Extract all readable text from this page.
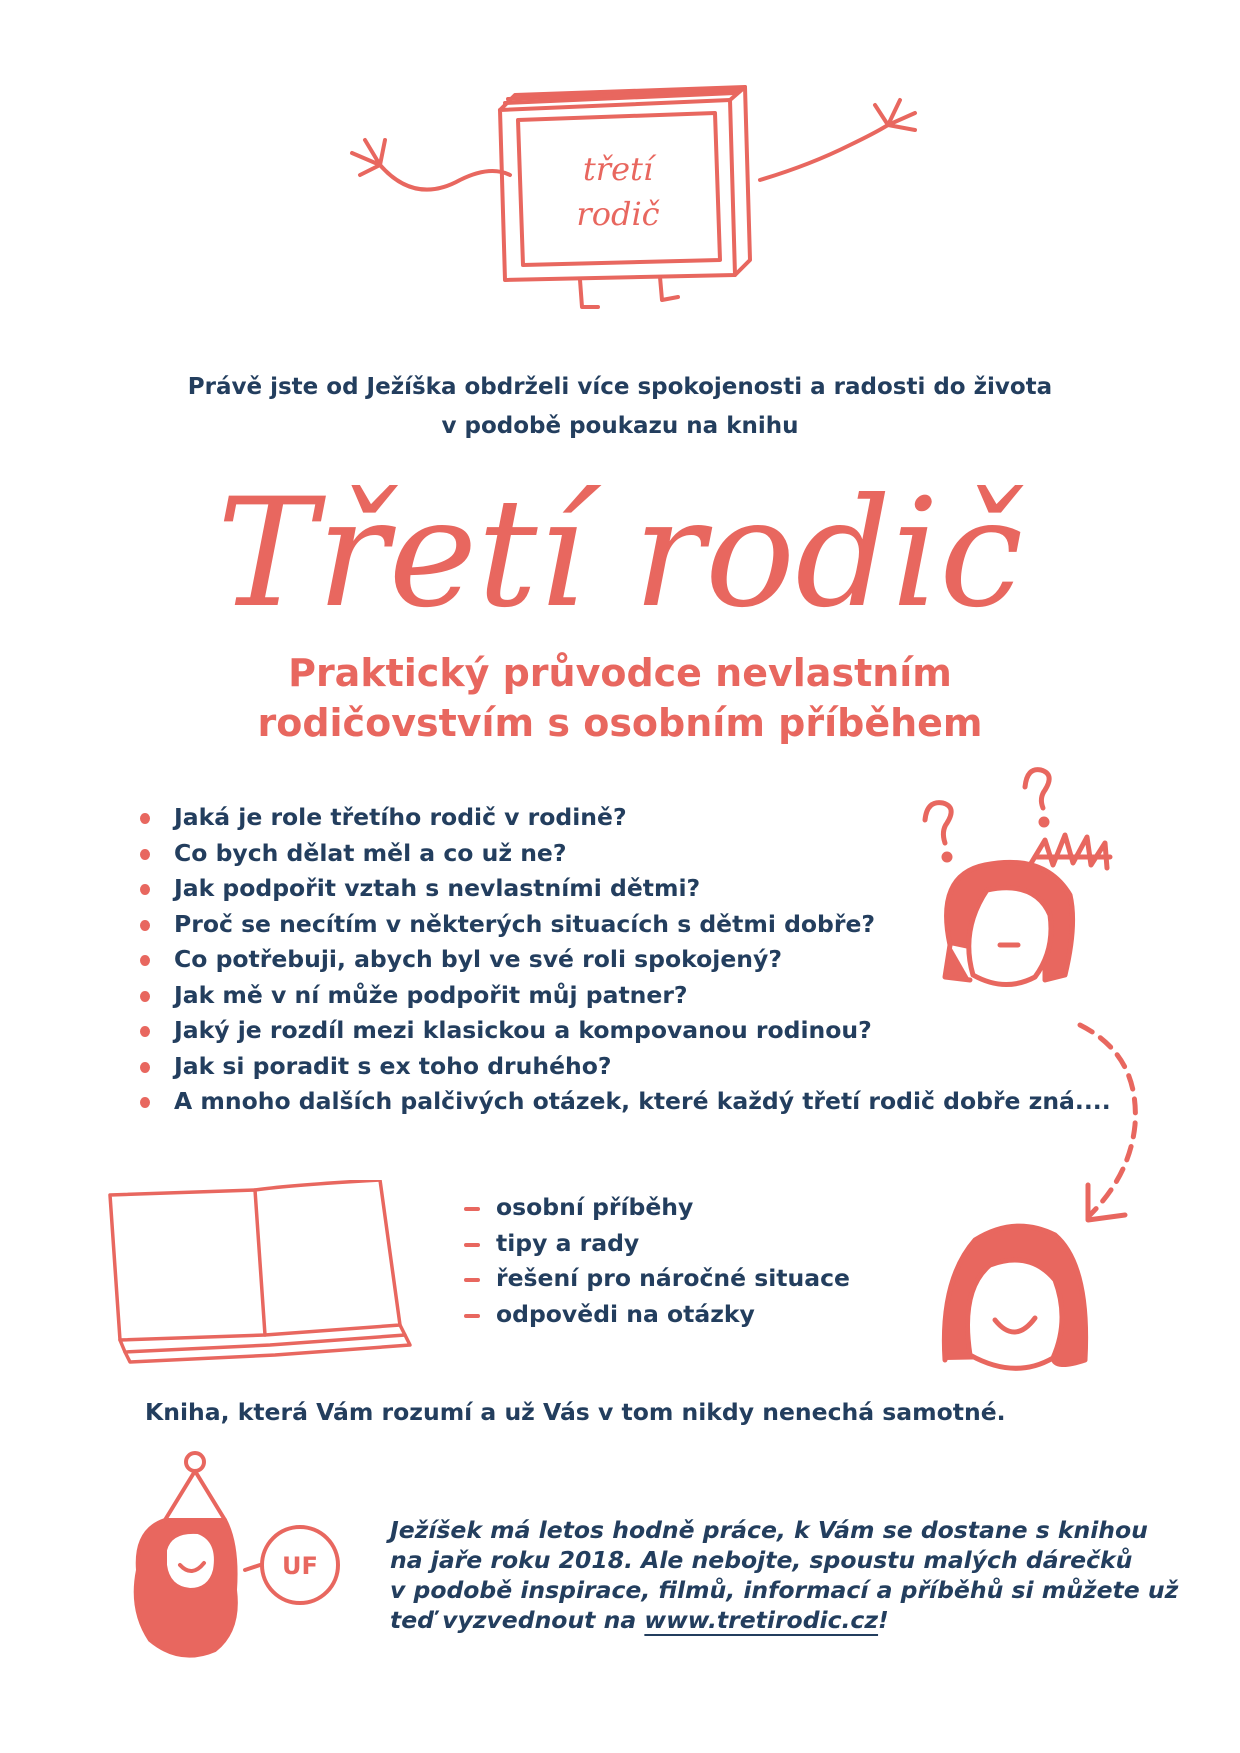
třetí
rodič
Právě jste od Ježíška obdrželi více spokojenosti a radosti do života
v podobě poukazu na knihu
Třetí rodič
Praktický průvodce nevlastním
rodičovstvím s osobním příběhem
Jaká je role třetího rodič v rodině?
Co bych dělat měl a co už ne?
Jak podpořit vztah s nevlastními dětmi?
Proč se necítím v některých situacích s dětmi dobře?
Co potřebuji, abych byl ve své roli spokojený?
Jak mě v ní může podpořit můj patner?
Jaký je rozdíl mezi klasickou a kompovanou rodinou?
Jak si poradit s ex toho druhého?
A mnoho dalších palčivých otázek, které každý třetí rodič dobře zná....
osobní příběhy
tipy a rady
řešení pro náročné situace
odpovědi na otázky
Kniha, která Vám rozumí a už Vás v tom nikdy nenechá samotné.
UF
Ježíšek má letos hodně práce, k Vám se dostane s knihou
na jaře roku 2018. Ale nebojte, spoustu malých dárečků
v podobě inspirace, filmů, informací a příběhů si můžete už
teď vyzvednout na www.tretirodic.cz!
